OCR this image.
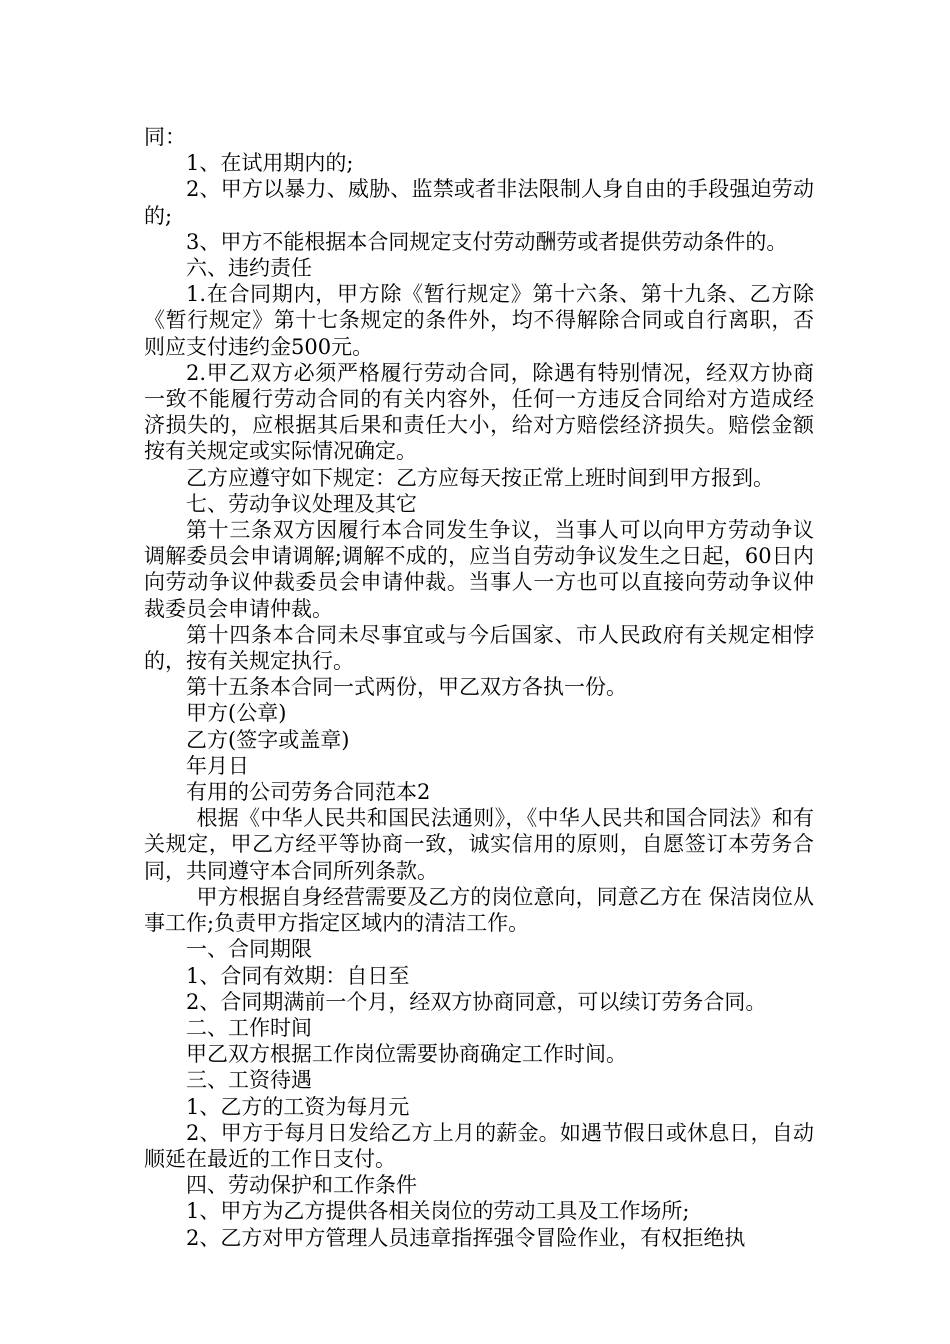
同：

1、在试用期内的;

2、甲方以暴力、威胁、监禁或者非法限制人身自由的手段强迫劳动的;

3、甲方不能根据本合同规定支付劳动酬劳或者提供劳动条件的。

六、违约责任

1.在合同期内，甲方除《暂行规定》第十六条、第十九条、乙方除《暂行规定》第十七条规定的条件外，均不得解除合同或自行离职，否则应支付违约金500元。

2.甲乙双方必须严格履行劳动合同，除遇有特别情况，经双方协商一致不能履行劳动合同的有关内容外，任何一方违反合同给对方造成经济损失的，应根据其后果和责任大小，给对方赔偿经济损失。赔偿金额按有关规定或实际情况确定。

乙方应遵守如下规定：乙方应每天按正常上班时间到甲方报到。

七、劳动争议处理及其它

第十三条双方因履行本合同发生争议，当事人可以向甲方劳动争议调解委员会申请调解;调解不成的，应当自劳动争议发生之日起，60日内向劳动争议仲裁委员会申请仲裁。当事人一方也可以直接向劳动争议仲裁委员会申请仲裁。

第十四条本合同未尽事宜或与今后国家、市人民政府有关规定相悖的，按有关规定执行。

第十五条本合同一式两份，甲乙双方各执一份。

甲方(公章)

乙方(签字或盖章)

年月日

有用的公司劳务合同范本2

根据《中华人民共和国民法通则》，《中华人民共和国合同法》和有关规定，甲乙方经平等协商一致，诚实信用的原则，自愿签订本劳务合同，共同遵守本合同所列条款。

甲方根据自身经营需要及乙方的岗位意向，同意乙方在 保洁岗位从事工作;负责甲方指定区域内的清洁工作。

一、合同期限

1、合同有效期：自日至

2、合同期满前一个月，经双方协商同意，可以续订劳务合同。

二、工作时间

甲乙双方根据工作岗位需要协商确定工作时间。

三、工资待遇

1、乙方的工资为每月元

2、甲方于每月日发给乙方上月的薪金。如遇节假日或休息日，自动顺延在最近的工作日支付。

四、劳动保护和工作条件

1、甲方为乙方提供各相关岗位的劳动工具及工作场所;

2、乙方对甲方管理人员违章指挥强令冒险作业，有权拒绝执
